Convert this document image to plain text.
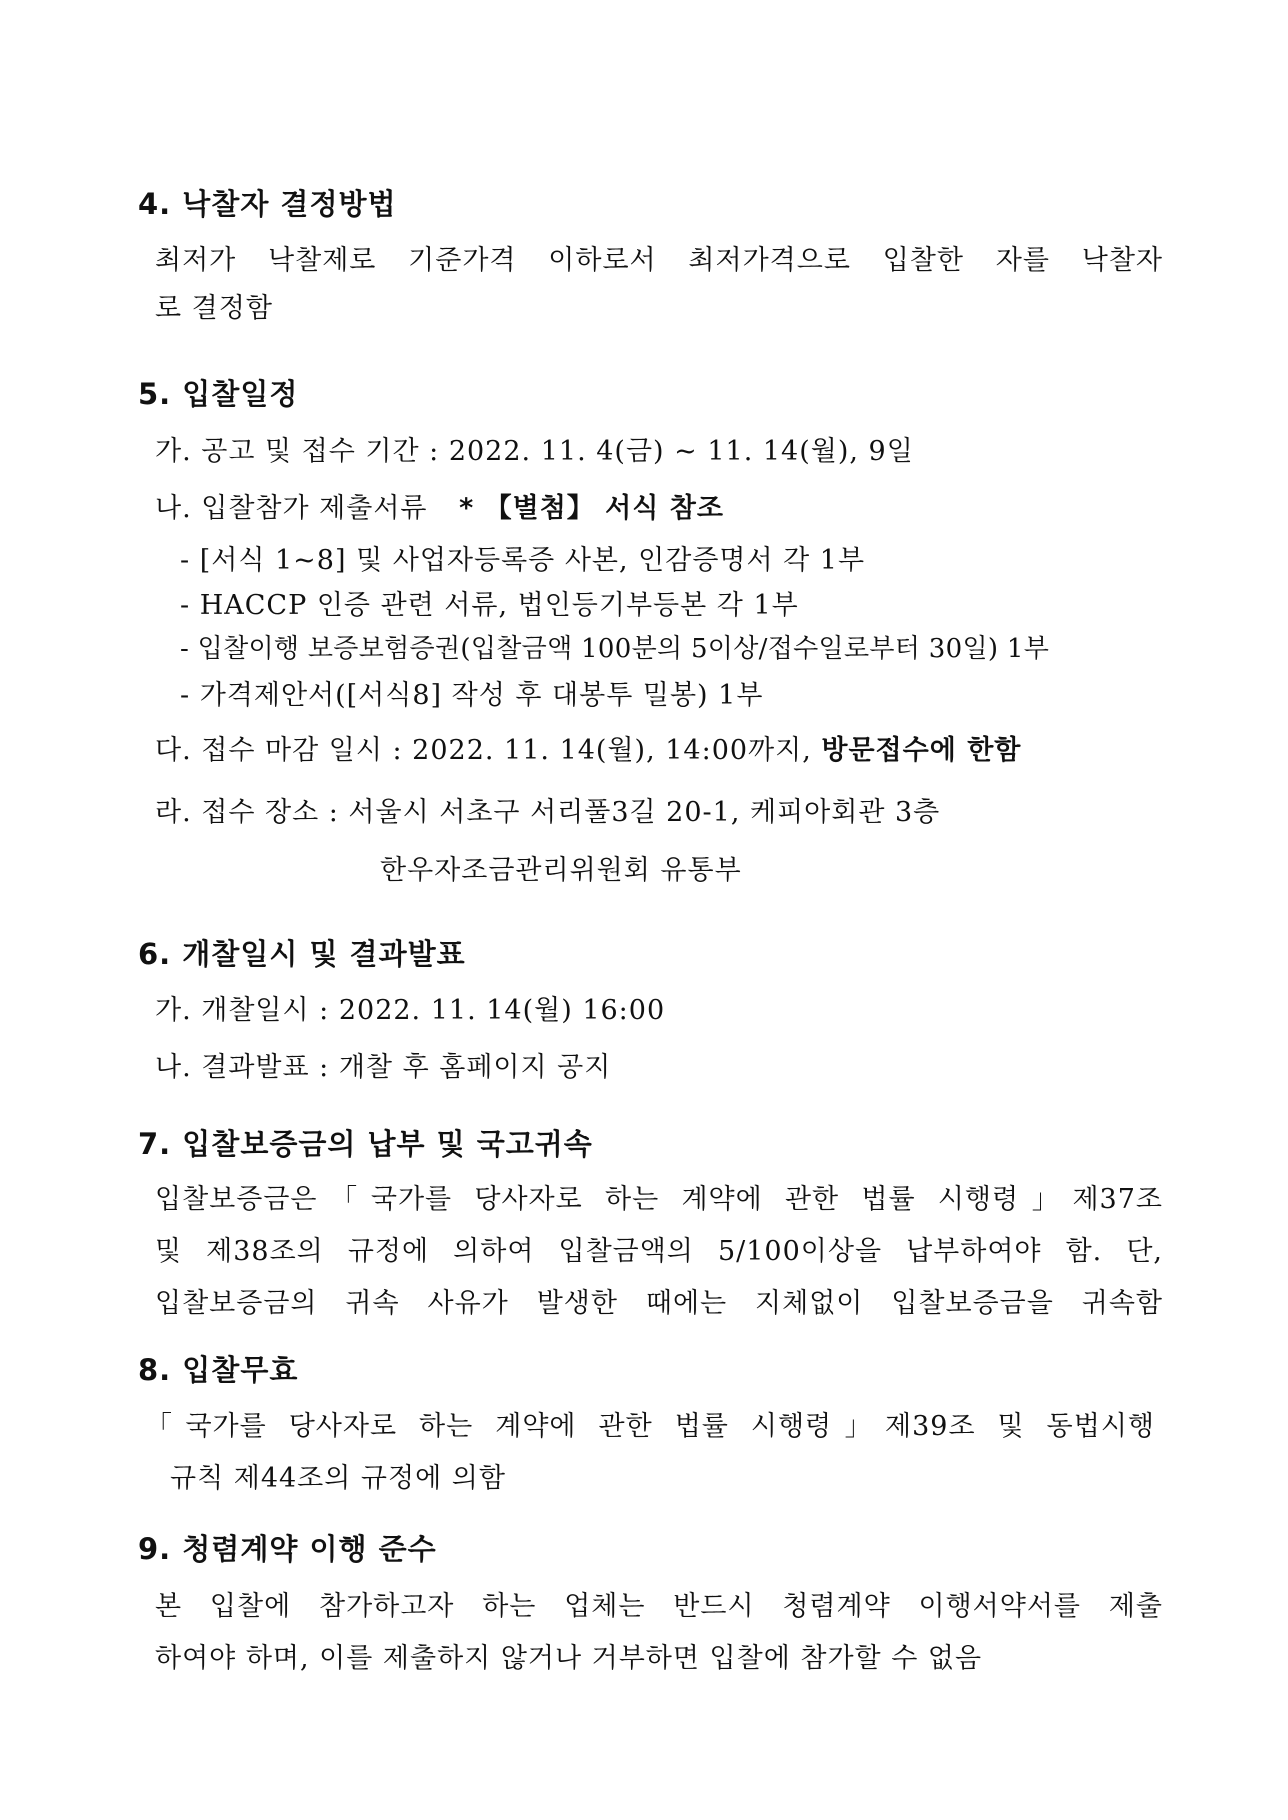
4. 낙찰자 결정방법
최저가 낙찰제로 기준가격 이하로서 최저가격으로 입찰한 자를 낙찰자
로 결정함
5. 입찰일정
가. 공고 및 접수 기간 : 2022. 11. 4(금) ~ 11. 14(월), 9일
나. 입찰참가 제출서류 * 【별첨】 서식 참조
- [서식 1~8] 및 사업자등록증 사본, 인감증명서 각 1부
- HACCP 인증 관련 서류, 법인등기부등본 각 1부
- 입찰이행 보증보험증권(입찰금액 100분의 5이상/접수일로부터 30일) 1부
- 가격제안서([서식8] 작성 후 대봉투 밀봉) 1부
다. 접수 마감 일시 : 2022. 11. 14(월), 14:00까지, 방문접수에 한함
라. 접수 장소 : 서울시 서초구 서리풀3길 20-1, 케피아회관 3층
한우자조금관리위원회 유통부
6. 개찰일시 및 결과발표
가. 개찰일시 : 2022. 11. 14(월) 16:00
나. 결과발표 : 개찰 후 홈페이지 공지
7. 입찰보증금의 납부 및 국고귀속
입찰보증금은「국가를 당사자로 하는 계약에 관한 법률 시행령」제37조
및 제38조의 규정에 의하여 입찰금액의 5/100이상을 납부하여야 함. 단,
입찰보증금의 귀속 사유가 발생한 때에는 지체없이 입찰보증금을 귀속함
8. 입찰무효
「국가를 당사자로 하는 계약에 관한 법률 시행령」제39조 및 동법시행
규칙 제44조의 규정에 의함
9. 청렴계약 이행 준수
본 입찰에 참가하고자 하는 업체는 반드시 청렴계약 이행서약서를 제출
하여야 하며, 이를 제출하지 않거나 거부하면 입찰에 참가할 수 없음
